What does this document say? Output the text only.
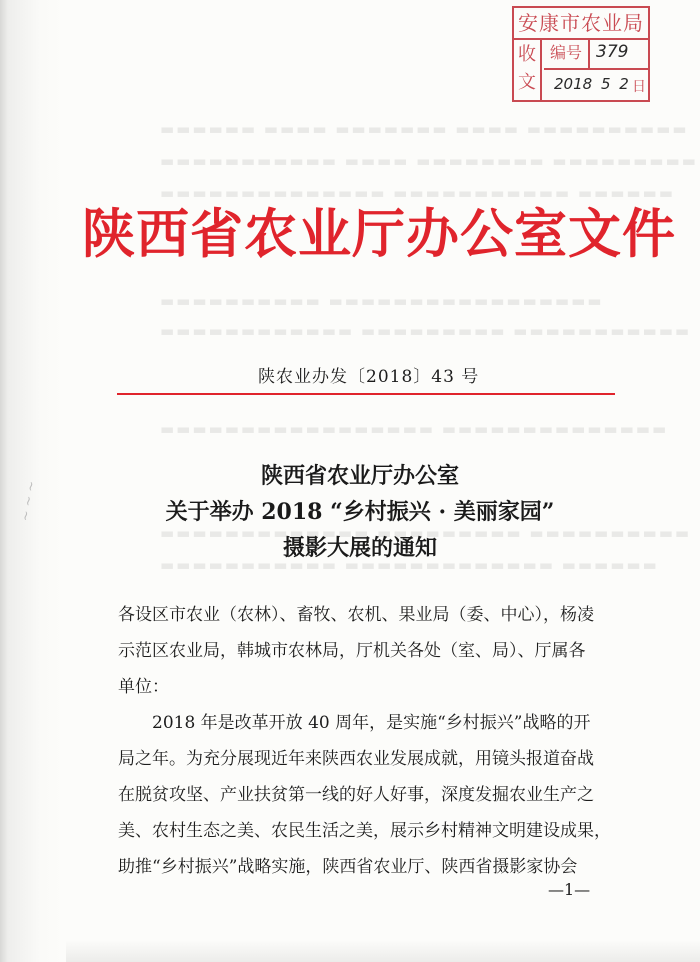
▬▬▬▬▬▬ ▬▬▬▬ ▬▬▬▬▬▬▬ ▬▬▬▬ ▬▬▬▬▬▬▬▬▬▬
▬▬▬▬▬▬▬▬▬▬▬ ▬▬▬▬ ▬▬▬▬▬▬▬▬ ▬▬▬▬▬▬▬▬▬
▬▬▬▬▬▬▬▬▬▬▬▬▬▬ ▬▬▬▬▬▬▬▬▬▬▬ ▬▬▬▬▬▬
▬▬▬▬▬▬▬▬▬▬ ▬▬▬▬▬▬▬▬▬▬▬▬▬▬▬▬▬
▬▬▬▬▬▬▬▬▬▬▬▬ ▬▬▬▬▬▬▬▬▬ ▬▬▬▬▬▬▬▬▬▬▬
▬▬▬▬▬▬▬▬▬▬▬▬▬▬▬▬▬ ▬▬▬▬▬▬▬▬▬▬▬▬▬▬
▬▬▬▬▬▬▬▬▬▬▬▬▬ ▬▬▬▬▬▬▬▬▬ ▬▬▬▬▬▬▬▬▬▬
▬▬▬▬▬▬▬▬▬▬▬ ▬▬▬▬▬▬▬▬▬▬▬▬▬ ▬▬▬▬▬▬
~ ~ ~
安康市农业局
收
文
编号 379
2018 5 2 日
陕西省农业厅办公室文件
陕农业办发〔2018〕43 号
陕西省农业厅办公室
关于举办 2018 “乡村振兴 · 美丽家园”
摄影大展的通知
各设区市农业（农林）、畜牧、农机、果业局（委、中心），杨凌
示范区农业局，韩城市农林局，厅机关各处（室、局）、厅属各
单位：
2018 年是改革开放 40 周年，是实施“乡村振兴”战略的开
局之年。为充分展现近年来陕西农业发展成就，用镜头报道奋战
在脱贫攻坚、产业扶贫第一线的好人好事，深度发掘农业生产之
美、农村生态之美、农民生活之美，展示乡村精神文明建设成果，
助推“乡村振兴”战略实施，陕西省农业厅、陕西省摄影家协会
—1—
